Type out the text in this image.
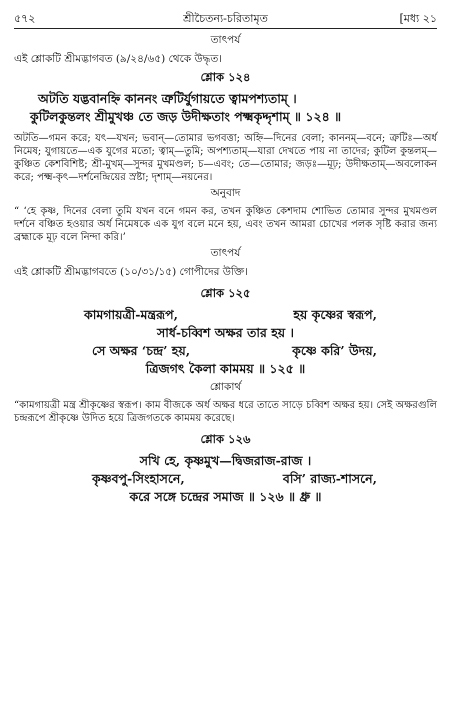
৫৭২	শ্রীচৈতন্য-চরিতামৃত	[মধ্য ২১
তাৎপর্য
এই শ্লোকটি শ্রীমদ্ভাগবত (৯/২৪/৬৫) থেকে উদ্ধৃত।
শ্লোক ১২৪
অটতি যদ্ভবানহ্নি কাননং ত্রুটির্যুগায়তে ত্বামপশ্যতাম্ ।
কুটিলকুন্তলং শ্রীমুখঞ্চ তে জড় উদীক্ষতাং পক্ষ্মকৃদ্দৃশাম্ ॥ ১২৪ ॥
অটতি—গমন করে; যৎ—যখন; ভবান্—তোমার ভগবত্তা; অহ্নি—দিনের বেলা; কাননম্—বনে; ত্রুটিঃ—অর্ধ নিমেষ; যুগায়তে—এক যুগের মতো; ত্বাম্—তুমি; অপশ্যতাম্—যারা দেখতে পায় না তাদের; কুটিল কুন্তলম্—কুঞ্চিত কেশবিশিষ্ট; শ্রী-মুখম্—সুন্দর মুখমণ্ডল; চ—এবং; তে—তোমার; জড়ঃ—মূঢ়; উদীক্ষতাম্—অবলোকন করে; পক্ষ্ম-কৃৎ—দর্শনেন্দ্রিয়ের স্রষ্টা; দৃশাম্—নয়নের।
অনুবাদ
“ ‘হে কৃষ্ণ, দিনের বেলা তুমি যখন বনে গমন কর, তখন কুঞ্চিত কেশদাম শোভিত তোমার সুন্দর মুখমণ্ডল দর্শনে বঞ্চিত হওয়ার অর্ধ নিমেষকে এক যুগ বলে মনে হয়, এবং তখন আমরা চোখের পলক সৃষ্টি করার জন্য ব্রহ্মাকে মূঢ় বলে নিন্দা করি।’
তাৎপর্য
এই শ্লোকটি শ্রীমদ্ভাগবতে (১০/৩১/১৫) গোপীদের উক্তি।
শ্লোক ১২৫
কামগায়ত্রী-মন্ত্ররূপ,	হয় কৃষ্ণের স্বরূপ,
সার্ধ-চব্বিশ অক্ষর তার হয় ।
সে অক্ষর ‘চন্দ্র’ হয়,	কৃষ্ণে করি’ উদয়,
ত্রিজগৎ কৈলা কামময় ॥ ১২৫ ॥
শ্লোকার্থ
“কামগায়ত্রী মন্ত্র শ্রীকৃষ্ণের স্বরূপ। কাম বীজকে অর্ধ অক্ষর ধরে তাতে সাড়ে চব্বিশ অক্ষর হয়। সেই অক্ষরগুলি চন্দ্ররূপে শ্রীকৃষ্ণে উদিত হয়ে ত্রিজগতকে কামময় করেছে।
শ্লোক ১২৬
সখি হে, কৃষ্ণমুখ—দ্বিজরাজ-রাজ ।
কৃষ্ণবপু-সিংহাসনে,	বসি’ রাজ্য-শাসনে,
করে সঙ্গে চন্দ্রের সমাজ ॥ ১২৬ ॥ ধ্রু ॥
